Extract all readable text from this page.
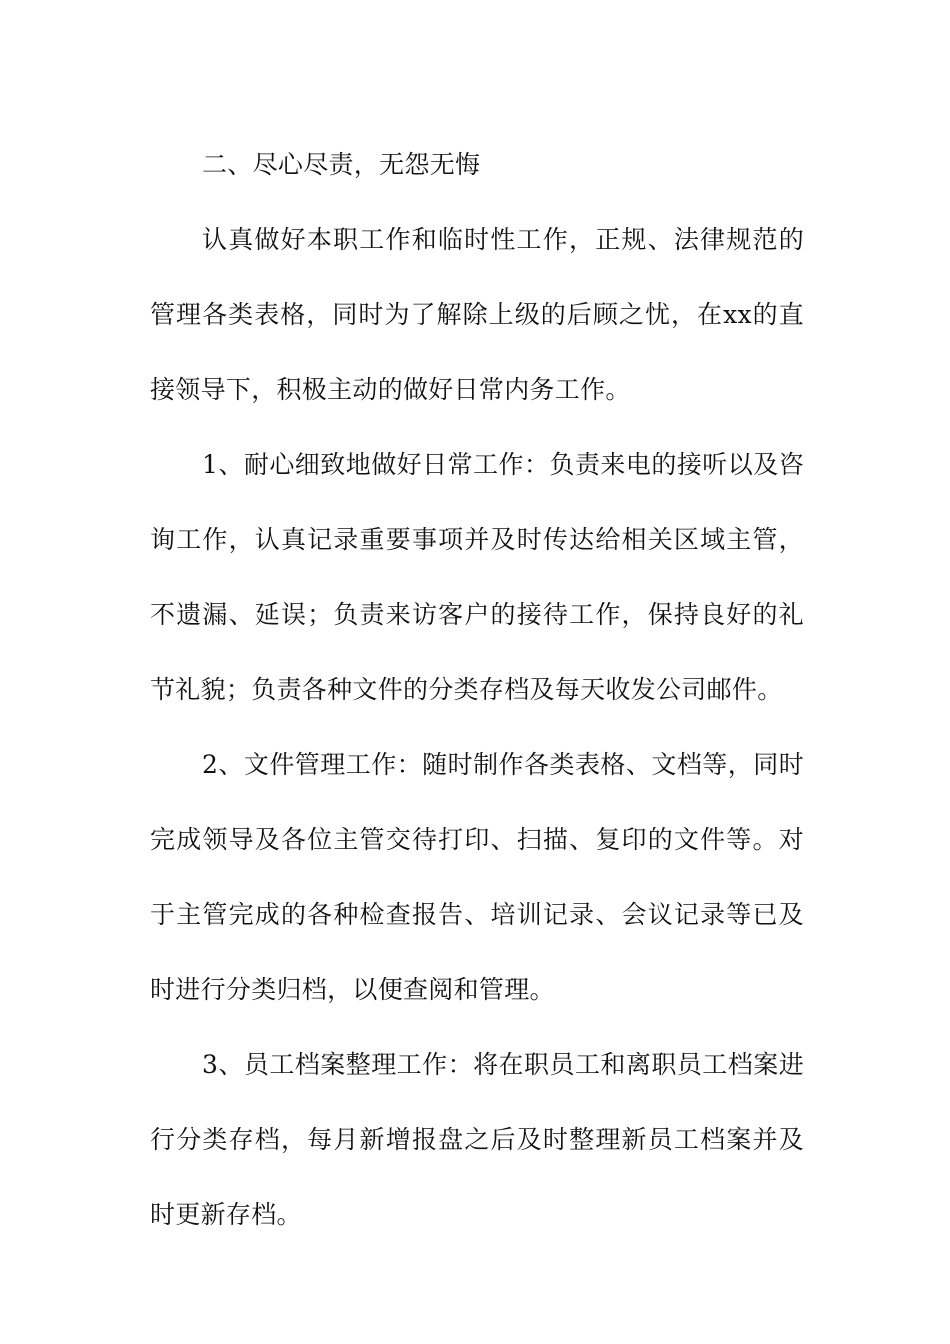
二、尽心尽责，无怨无悔

认真做好本职工作和临时性工作，正规、法律规范的管理各类表格，同时为了解除上级的后顾之忧，在xx的直接领导下，积极主动的做好日常内务工作。

1、耐心细致地做好日常工作：负责来电的接听以及咨询工作，认真记录重要事项并及时传达给相关区域主管，不遗漏、延误；负责来访客户的接待工作，保持良好的礼节礼貌；负责各种文件的分类存档及每天收发公司邮件。

2、文件管理工作：随时制作各类表格、文档等，同时完成领导及各位主管交待打印、扫描、复印的文件等。对于主管完成的各种检查报告、培训记录、会议记录等已及时进行分类归档，以便查阅和管理。

3、员工档案整理工作：将在职员工和离职员工档案进行分类存档，每月新增报盘之后及时整理新员工档案并及时更新存档。
